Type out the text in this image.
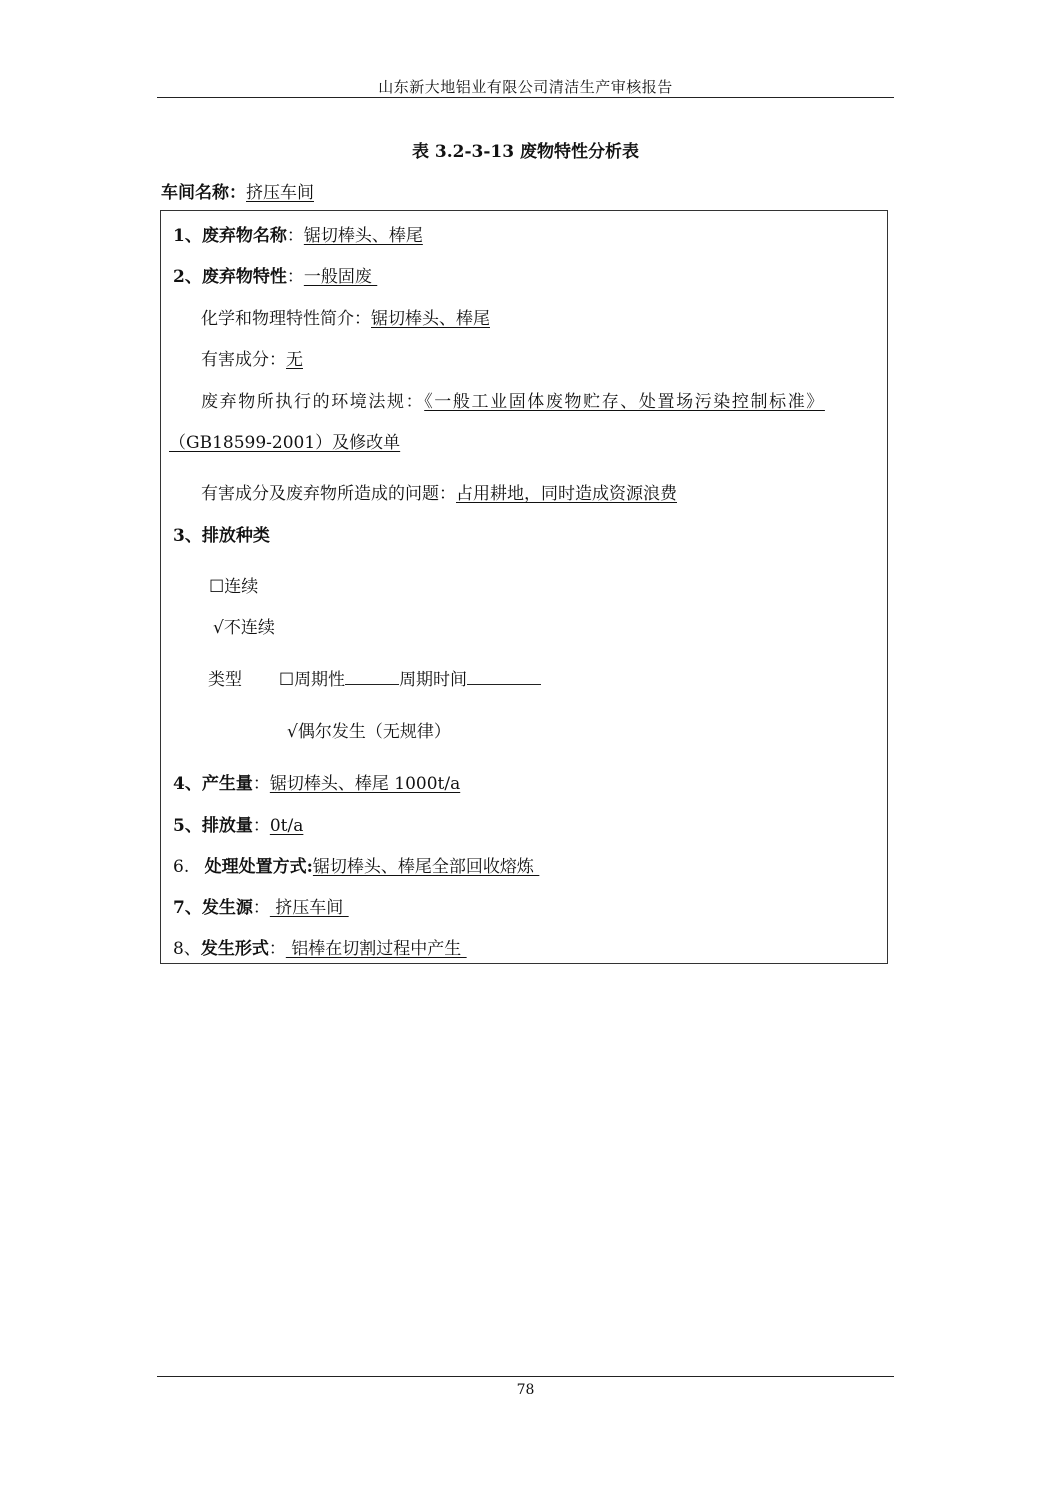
山东新大地铝业有限公司清洁生产审核报告
表 3.2-3-13 废物特性分析表
车间名称：挤压车间
1、废弃物名称：锯切棒头、棒尾
2、废弃物特性：一般固废
化学和物理特性简介：锯切棒头、棒尾
有害成分：无
废弃物所执行的环境法规：《一般工业固体废物贮存、处置场污染控制标准》
（GB18599-2001）及修改单
有害成分及废弃物所造成的问题：占用耕地，同时造成资源浪费
3、排放种类
☐连续
√不连续
类型 ☐周期性	周期时间
√偶尔发生（无规律）
4、产生量：锯切棒头、棒尾 1000t/a
5、排放量：0t/a
6. 处理处置方式:锯切棒头、棒尾全部回收熔炼
7、发生源： 挤压车间
8、发生形式： 铝棒在切割过程中产生
78
